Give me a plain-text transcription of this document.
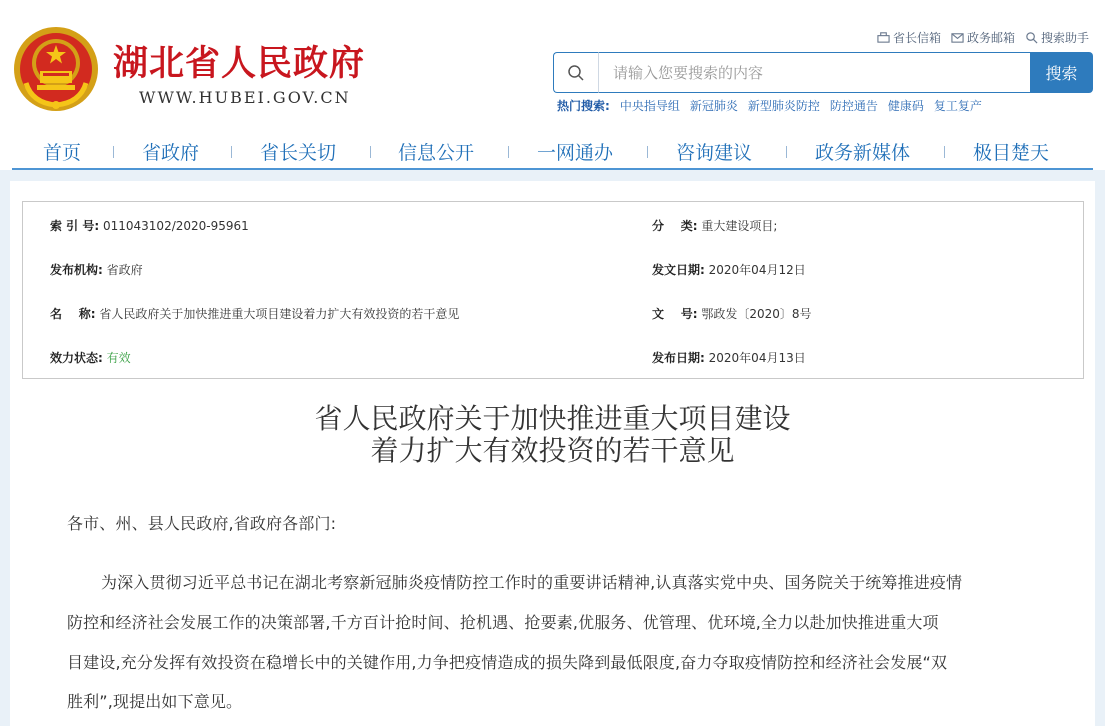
湖北省人民政府
WWW.HUBEI.GOV.CN
省长信箱 政务邮箱 搜索助手
请输入您要搜索的内容
搜索
热门搜索: 中央指导组 新冠肺炎 新型肺炎防控 防控通告 健康码 复工复产
首页	省政府	省长关切	信息公开	一网通办	咨询建议	政务新媒体	极目楚天
索 引 号: 011043102/2020-95961	分    类: 重大建设项目;
发布机构: 省政府	发文日期: 2020年04月12日
名    称: 省人民政府关于加快推进重大项目建设着力扩大有效投资的若干意见	文    号: 鄂政发〔2020〕8号
效力状态: 有效	发布日期: 2020年04月13日
省人民政府关于加快推进重大项目建设
着力扩大有效投资的若干意见
各市、州、县人民政府,省政府各部门:
为深入贯彻习近平总书记在湖北考察新冠肺炎疫情防控工作时的重要讲话精神,认真落实党中央、国务院关于统筹推进疫情
防控和经济社会发展工作的决策部署,千方百计抢时间、抢机遇、抢要素,优服务、优管理、优环境,全力以赴加快推进重大项
目建设,充分发挥有效投资在稳增长中的关键作用,力争把疫情造成的损失降到最低限度,奋力夺取疫情防控和经济社会发展“双
胜利”,现提出如下意见。
